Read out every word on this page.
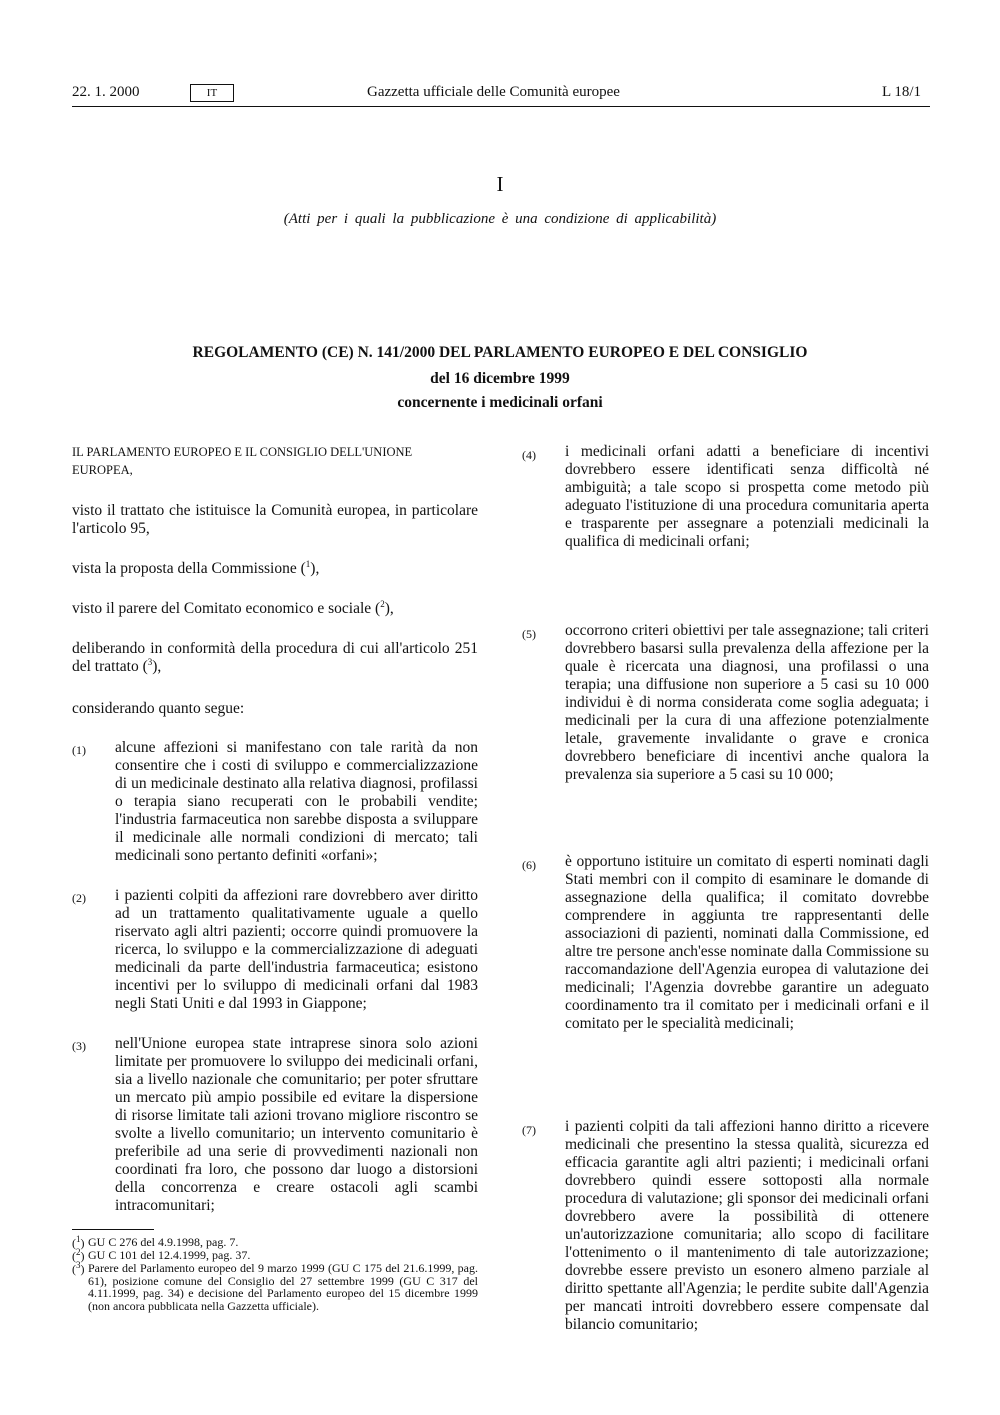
22. 1. 2000	IT	Gazzetta ufficiale delle Comunità europee	L 18/1
I
(Atti per i quali la pubblicazione è una condizione di applicabilità)
REGOLAMENTO (CE) N. 141/2000 DEL PARLAMENTO EUROPEO E DEL CONSIGLIO
del 16 dicembre 1999
concernente i medicinali orfani
IL PARLAMENTO EUROPEO E IL CONSIGLIO DELL'UNIONE EUROPEA,
visto il trattato che istituisce la Comunità europea, in particolare l'articolo 95,
vista la proposta della Commissione ($^1$),
visto il parere del Comitato economico e sociale ($^2$),
deliberando in conformità della procedura di cui all'articolo 251 del trattato ($^3$),
considerando quanto segue:
(1) alcune affezioni si manifestano con tale rarità da non consentire che i costi di sviluppo e commercializzazione di un medicinale destinato alla relativa diagnosi, profilassi o terapia siano recuperati con le probabili vendite; l'industria farmaceutica non sarebbe disposta a sviluppare il medicinale alle normali condizioni di mercato; tali medicinali sono pertanto definiti «orfani»;
(2) i pazienti colpiti da affezioni rare dovrebbero aver diritto ad un trattamento qualitativamente uguale a quello riservato agli altri pazienti; occorre quindi promuovere la ricerca, lo sviluppo e la commercializzazione di adeguati medicinali da parte dell'industria farmaceutica; esistono incentivi per lo sviluppo di medicinali orfani dal 1983 negli Stati Uniti e dal 1993 in Giappone;
(3) nell'Unione europea state intraprese sinora solo azioni limitate per promuovere lo sviluppo dei medicinali orfani, sia a livello nazionale che comunitario; per poter sfruttare un mercato più ampio possibile ed evitare la dispersione di risorse limitate tali azioni trovano migliore riscontro se svolte a livello comunitario; un intervento comunitario è preferibile ad una serie di provvedimenti nazionali non coordinati fra loro, che possono dar luogo a distorsioni della concorrenza e creare ostacoli agli scambi intracomunitari;
($^1$) GU C 276 del 4.9.1998, pag. 7.
($^2$) GU C 101 del 12.4.1999, pag. 37.
($^3$) Parere del Parlamento europeo del 9 marzo 1999 (GU C 175 del 21.6.1999, pag. 61), posizione comune del Consiglio del 27 settembre 1999 (GU C 317 del 4.11.1999, pag. 34) e decisione del Parlamento europeo del 15 dicembre 1999 (non ancora pubblicata nella Gazzetta ufficiale).
(4) i medicinali orfani adatti a beneficiare di incentivi dovrebbero essere identificati senza difficoltà né ambiguità; a tale scopo si prospetta come metodo più adeguato l'istituzione di una procedura comunitaria aperta e trasparente per assegnare a potenziali medicinali la qualifica di medicinali orfani;
(5) occorrono criteri obiettivi per tale assegnazione; tali criteri dovrebbero basarsi sulla prevalenza della affezione per la quale è ricercata una diagnosi, una profilassi o una terapia; una diffusione non superiore a 5 casi su 10 000 individui è di norma considerata come soglia adeguata; i medicinali per la cura di una affezione potenzialmente letale, gravemente invalidante o grave e cronica dovrebbero beneficiare di incentivi anche qualora la prevalenza sia superiore a 5 casi su 10 000;
(6) è opportuno istituire un comitato di esperti nominati dagli Stati membri con il compito di esaminare le domande di assegnazione della qualifica; il comitato dovrebbe comprendere in aggiunta tre rappresentanti delle associazioni di pazienti, nominati dalla Commissione, ed altre tre persone anch'esse nominate dalla Commissione su raccomandazione dell'Agenzia europea di valutazione dei medicinali; l'Agenzia dovrebbe garantire un adeguato coordinamento tra il comitato per i medicinali orfani e il comitato per le specialità medicinali;
(7) i pazienti colpiti da tali affezioni hanno diritto a ricevere medicinali che presentino la stessa qualità, sicurezza ed efficacia garantite agli altri pazienti; i medicinali orfani dovrebbero quindi essere sottoposti alla normale procedura di valutazione; gli sponsor dei medicinali orfani dovrebbero avere la possibilità di ottenere un'autorizzazione comunitaria; allo scopo di facilitare l'ottenimento o il mantenimento di tale autorizzazione; dovrebbe essere previsto un esonero almeno parziale al diritto spettante all'Agenzia; le perdite subite dall'Agenzia per mancati introiti dovrebbero essere compensate dal bilancio comunitario;
